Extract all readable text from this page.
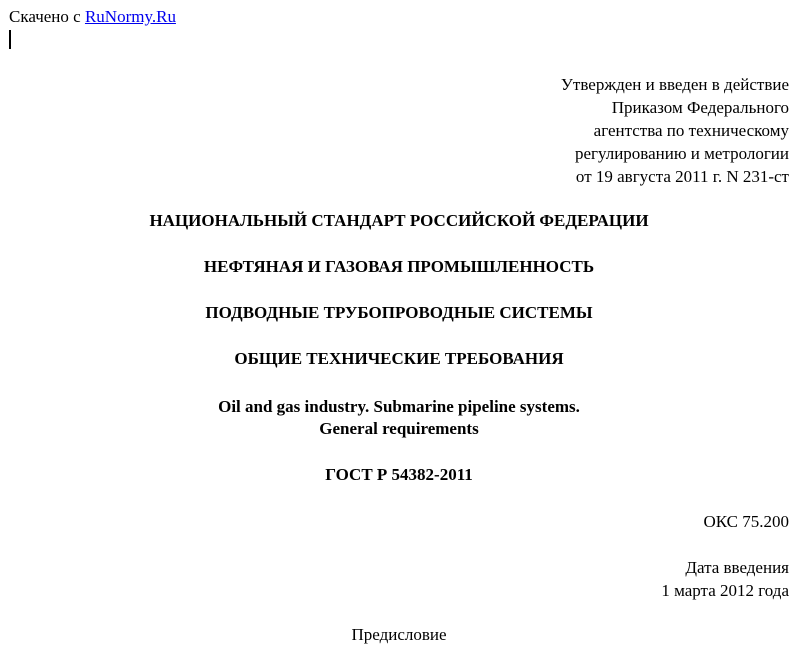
Скачено с RuNormy.Ru
Утвержден и введен в действие
Приказом Федерального
агентства по техническому
регулированию и метрологии
от 19 августа 2011 г. N 231-ст
НАЦИОНАЛЬНЫЙ СТАНДАРТ РОССИЙСКОЙ ФЕДЕРАЦИИ
НЕФТЯНАЯ И ГАЗОВАЯ ПРОМЫШЛЕННОСТЬ
ПОДВОДНЫЕ ТРУБОПРОВОДНЫЕ СИСТЕМЫ
ОБЩИЕ ТЕХНИЧЕСКИЕ ТРЕБОВАНИЯ
Oil and gas industry. Submarine pipeline systems.
General requirements
ГОСТ Р 54382-2011
ОКС 75.200
Дата введения
1 марта 2012 года
Предисловие
